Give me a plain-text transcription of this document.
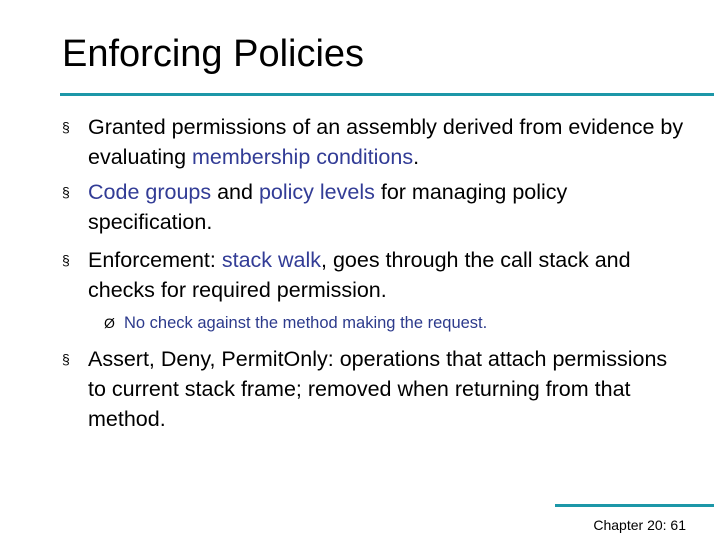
Enforcing Policies
§ Granted permissions of an assembly derived from evidence by evaluating membership conditions.
§ Code groups and policy levels for managing policy specification.
§ Enforcement: stack walk, goes through the call stack and checks for required permission.
Ø No check against the method making the request.
§ Assert, Deny, PermitOnly: operations that attach permissions to current stack frame; removed when returning from that method.
Chapter 20: 61
